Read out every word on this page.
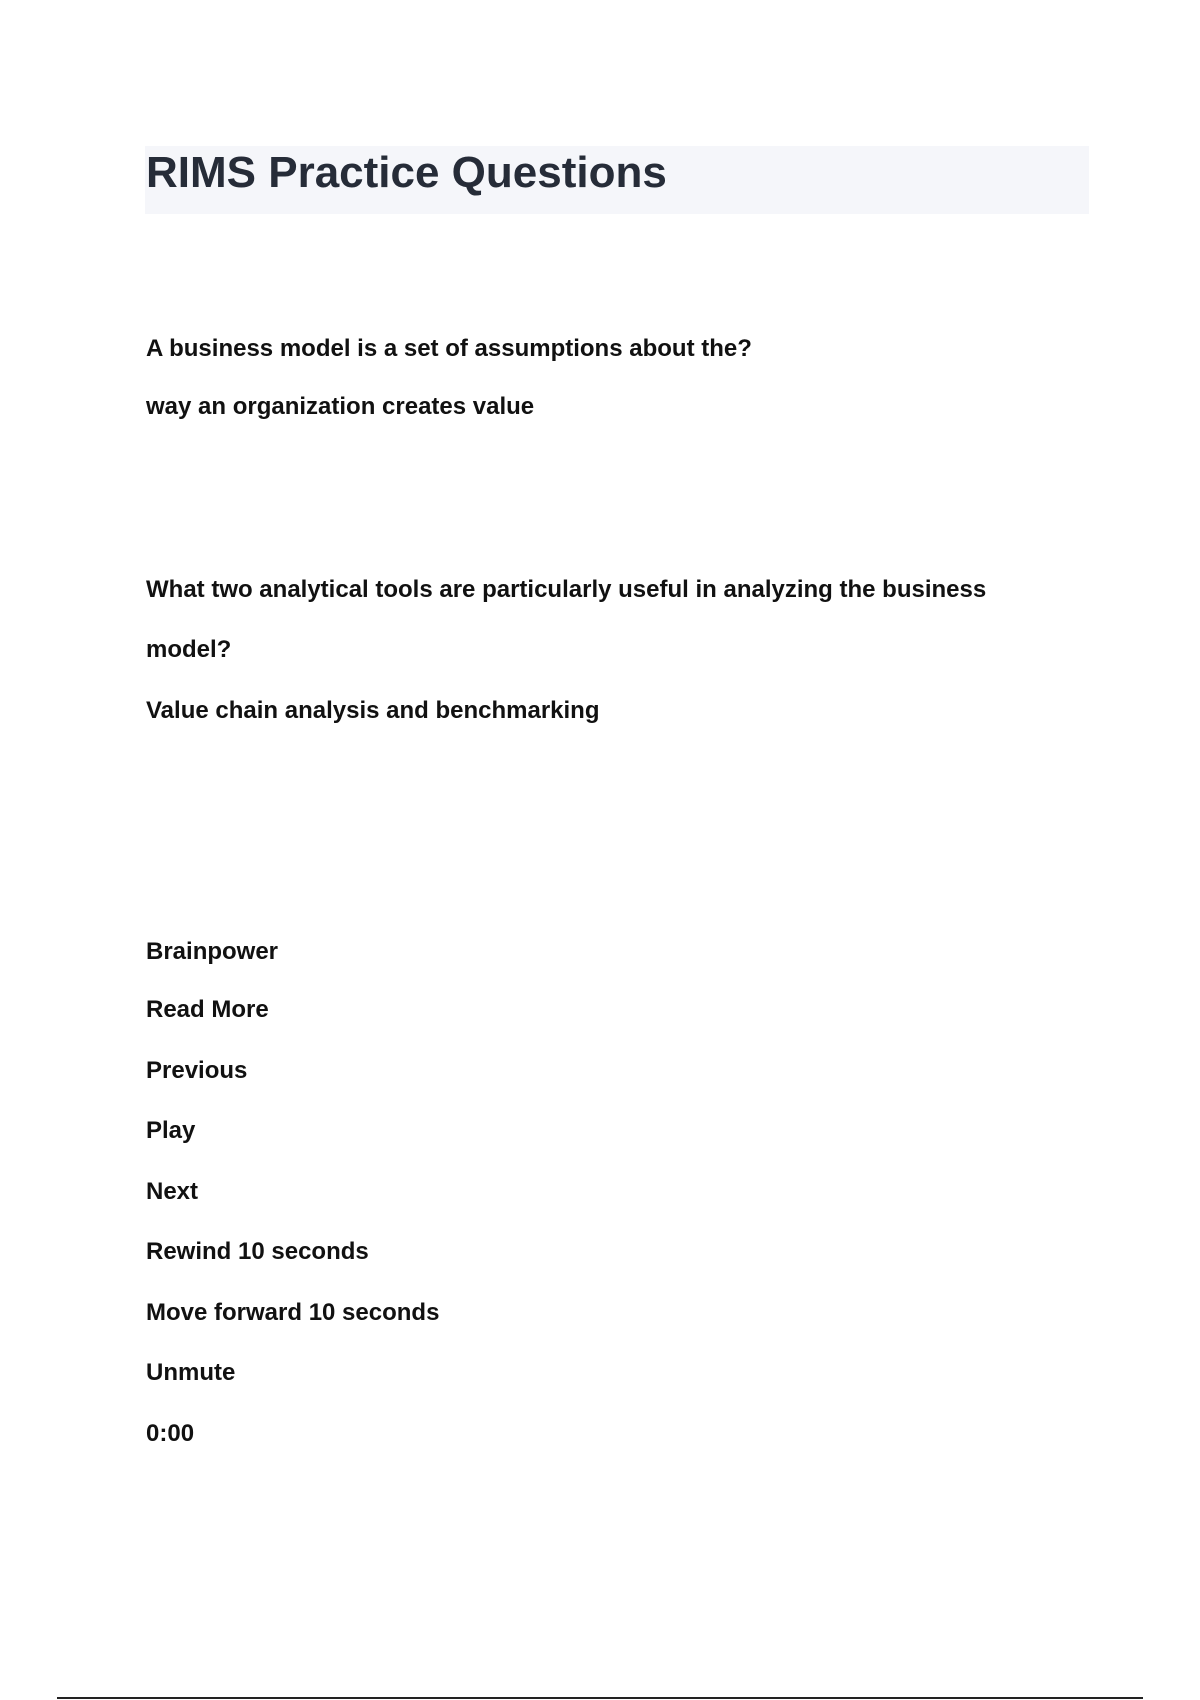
RIMS Practice Questions

A business model is a set of assumptions about the?

way an organization creates value

What two analytical tools are particularly useful in analyzing the business

model?

Value chain analysis and benchmarking

Brainpower

Read More

Previous

Play

Next

Rewind 10 seconds

Move forward 10 seconds

Unmute

0:00
